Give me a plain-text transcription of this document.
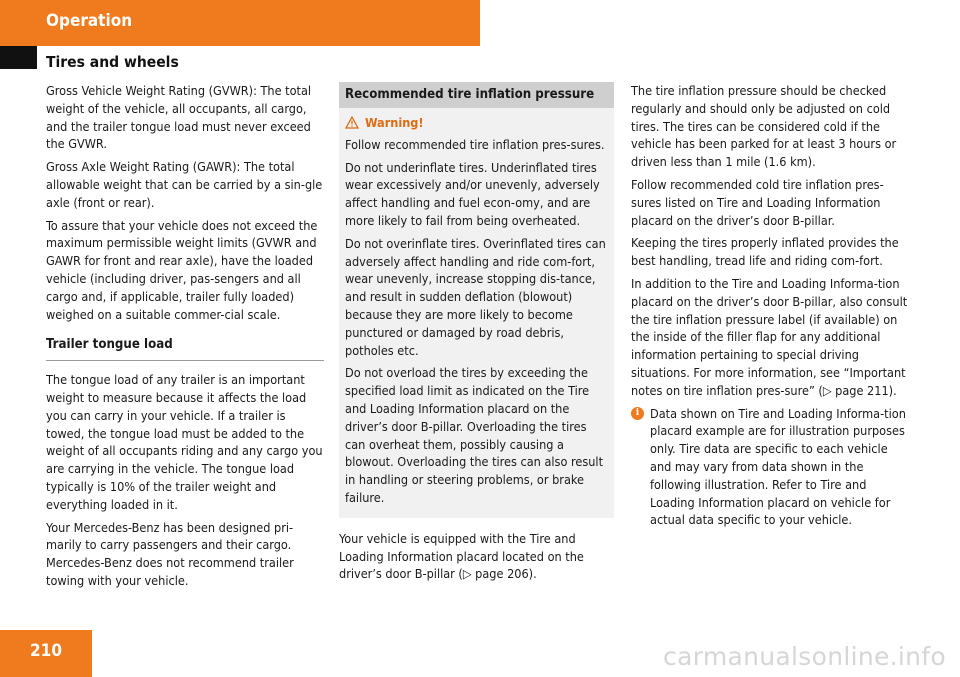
Operation
Tires and wheels

Gross Vehicle Weight Rating (GVWR): The total weight of the vehicle, all occupants, all cargo, and the trailer tongue load must never exceed the GVWR.

Gross Axle Weight Rating (GAWR): The total allowable weight that can be carried by a sin-gle axle (front or rear).

To assure that your vehicle does not exceed the maximum permissible weight limits (GVWR and GAWR for front and rear axle), have the loaded vehicle (including driver, pas-sengers and all cargo and, if applicable, trailer fully loaded) weighed on a suitable commer-cial scale.

Trailer tongue load

The tongue load of any trailer is an important weight to measure because it affects the load you can carry in your vehicle. If a trailer is towed, the tongue load must be added to the weight of all occupants riding and any cargo you are carrying in the vehicle. The tongue load typically is 10% of the trailer weight and everything loaded in it.

Your Mercedes-Benz has been designed pri-marily to carry passengers and their cargo. Mercedes-Benz does not recommend trailer towing with your vehicle.

Recommended tire inflation pressure
Warning!

Follow recommended tire inflation pres-sures.

Do not underinflate tires. Underinflated tires wear excessively and/or unevenly, adversely affect handling and fuel econ-omy, and are more likely to fail from being overheated.

Do not overinflate tires. Overinflated tires can adversely affect handling and ride com-fort, wear unevenly, increase stopping dis-tance, and result in sudden deflation (blowout) because they are more likely to become punctured or damaged by road debris, potholes etc.

Do not overload the tires by exceeding the specified load limit as indicated on the Tire and Loading Information placard on the driver’s door B-pillar. Overloading the tires can overheat them, possibly causing a blowout. Overloading the tires can also result in handling or steering problems, or brake failure.

Your vehicle is equipped with the Tire and Loading Information placard located on the driver’s door B-pillar (▷ page 206).

The tire inflation pressure should be checked regularly and should only be adjusted on cold tires. The tires can be considered cold if the vehicle has been parked for at least 3 hours or driven less than 1 mile (1.6 km).

Follow recommended cold tire inflation pres-sures listed on Tire and Loading Information placard on the driver’s door B-pillar.

Keeping the tires properly inflated provides the best handling, tread life and riding com-fort.

In addition to the Tire and Loading Informa-tion placard on the driver’s door B-pillar, also consult the tire inflation pressure label (if available) on the inside of the filler flap for any additional information pertaining to special driving situations. For more information, see “Important notes on tire inflation pres-sure” (▷ page 211).

i Data shown on Tire and Loading Informa-tion placard example are for illustration purposes only. Tire data are specific to each vehicle and may vary from data shown in the following illustration. Refer to Tire and Loading Information placard on vehicle for actual data specific to your vehicle.
210	carmanualsonline.info
